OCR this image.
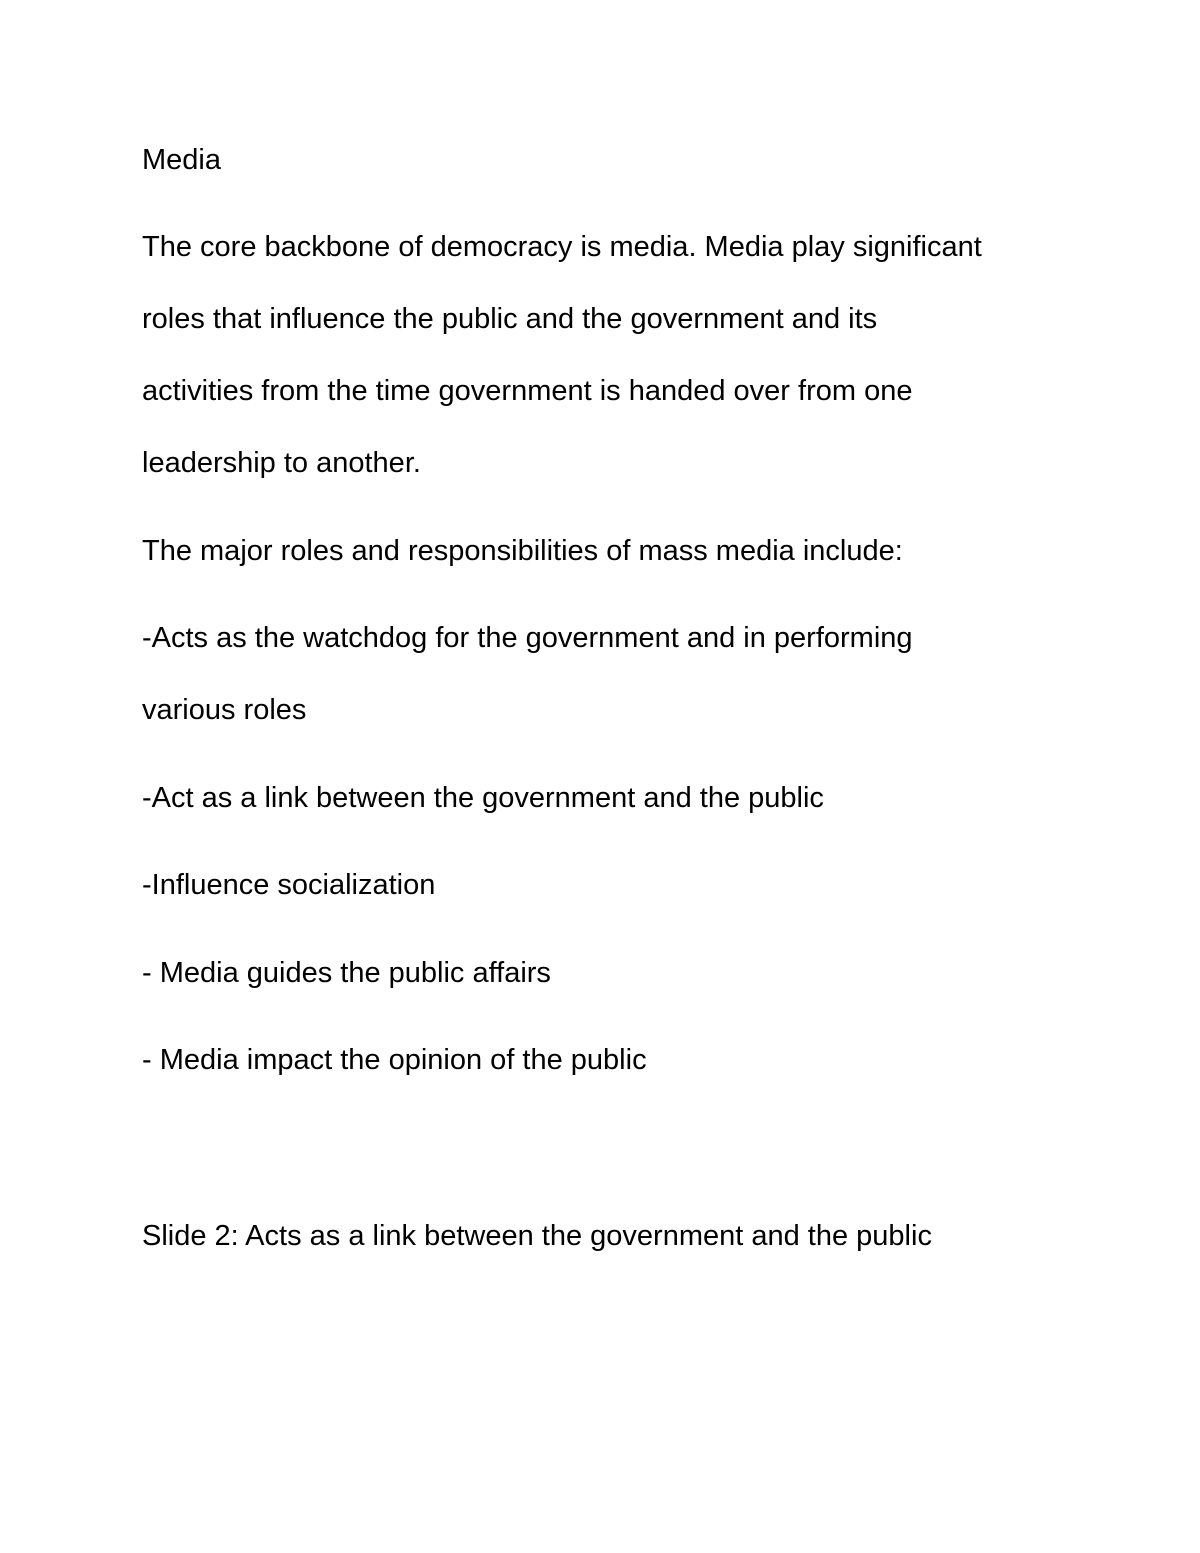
Media

The core backbone of democracy is media. Media play significant

roles that influence the public and the government and its

activities from the time government is handed over from one

leadership to another.

The major roles and responsibilities of mass media include:

-Acts as the watchdog for the government and in performing

various roles

-Act as a link between the government and the public

-Influence socialization

- Media guides the public affairs

- Media impact the opinion of the public

Slide 2: Acts as a link between the government and the public
